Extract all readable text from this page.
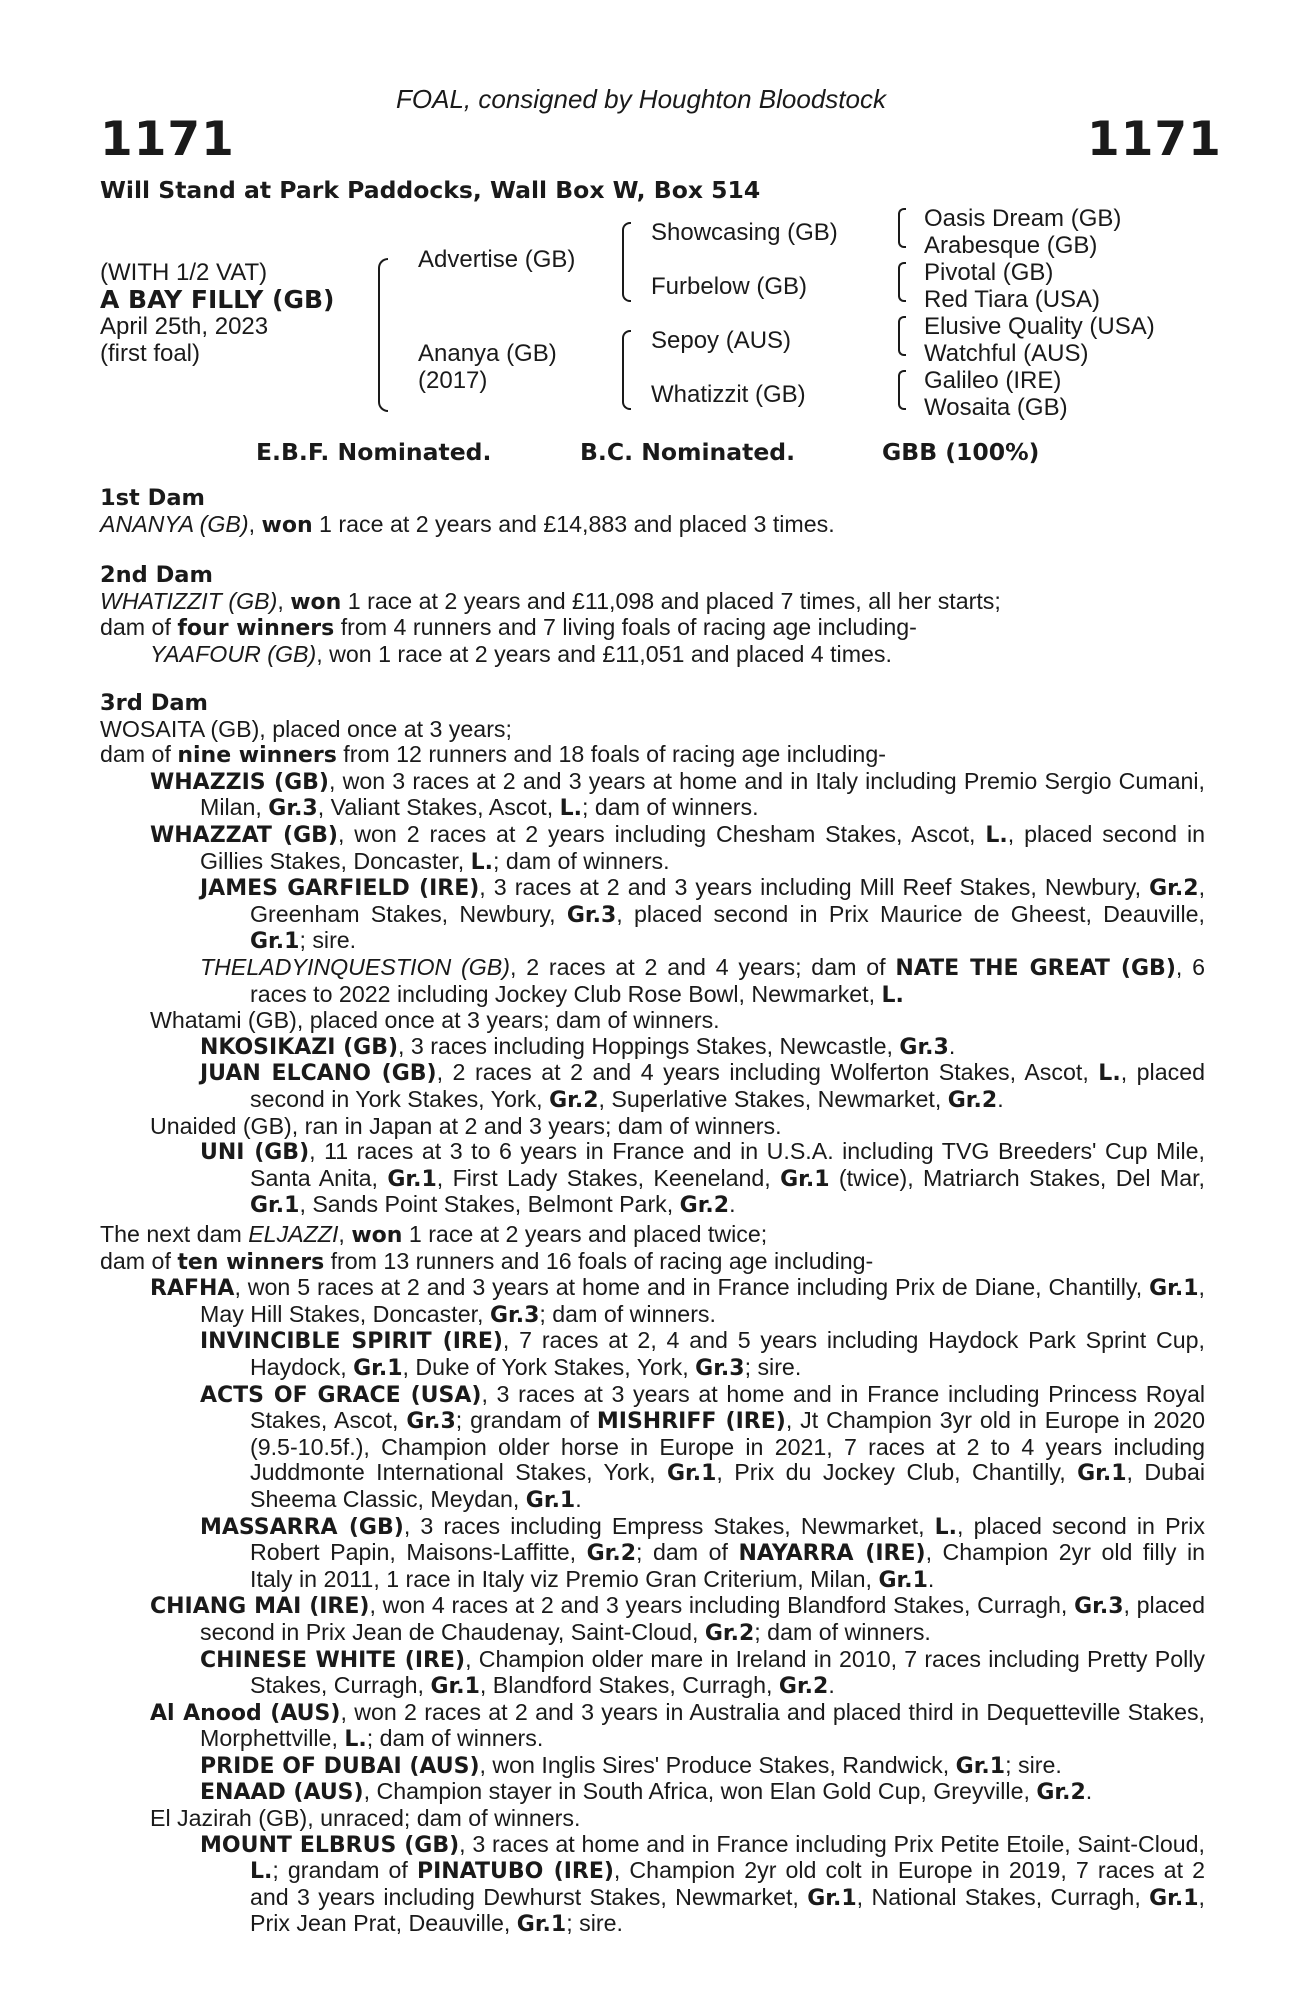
FOAL, consigned by Houghton Bloodstock
1171	1171
Will Stand at Park Paddocks, Wall Box W, Box 514
(WITH 1/2 VAT)
A BAY FILLY (GB)
April 25th, 2023
(first foal)
Advertise (GB)
Ananya (GB)
(2017)
Showcasing (GB)
Furbelow (GB)
Sepoy (AUS)
Whatizzit (GB)
Oasis Dream (GB)
Arabesque (GB)
Pivotal (GB)
Red Tiara (USA)
Elusive Quality (USA)
Watchful (AUS)
Galileo (IRE)
Wosaita (GB)
E.B.F. Nominated.	B.C. Nominated.	GBB (100%)
1st Dam
ANANYA (GB), won 1 race at 2 years and £14,883 and placed 3 times.
2nd Dam
WHATIZZIT (GB), won 1 race at 2 years and £11,098 and placed 7 times, all her starts;
dam of four winners from 4 runners and 7 living foals of racing age including-
YAAFOUR (GB), won 1 race at 2 years and £11,051 and placed 4 times.
3rd Dam
WOSAITA (GB), placed once at 3 years;
dam of nine winners from 12 runners and 18 foals of racing age including-
WHAZZIS (GB), won 3 races at 2 and 3 years at home and in Italy including Premio Sergio Cumani, Milan, Gr.3, Valiant Stakes, Ascot, L.; dam of winners.
WHAZZAT (GB), won 2 races at 2 years including Chesham Stakes, Ascot, L., placed second in Gillies Stakes, Doncaster, L.; dam of winners.
JAMES GARFIELD (IRE), 3 races at 2 and 3 years including Mill Reef Stakes, Newbury, Gr.2, Greenham Stakes, Newbury, Gr.3, placed second in Prix Maurice de Gheest, Deauville, Gr.1; sire.
THELADYINQUESTION (GB), 2 races at 2 and 4 years; dam of NATE THE GREAT (GB), 6 races to 2022 including Jockey Club Rose Bowl, Newmarket, L.
Whatami (GB), placed once at 3 years; dam of winners.
NKOSIKAZI (GB), 3 races including Hoppings Stakes, Newcastle, Gr.3.
JUAN ELCANO (GB), 2 races at 2 and 4 years including Wolferton Stakes, Ascot, L., placed second in York Stakes, York, Gr.2, Superlative Stakes, Newmarket, Gr.2.
Unaided (GB), ran in Japan at 2 and 3 years; dam of winners.
UNI (GB), 11 races at 3 to 6 years in France and in U.S.A. including TVG Breeders' Cup Mile, Santa Anita, Gr.1, First Lady Stakes, Keeneland, Gr.1 (twice), Matriarch Stakes, Del Mar, Gr.1, Sands Point Stakes, Belmont Park, Gr.2.
The next dam ELJAZZI, won 1 race at 2 years and placed twice;
dam of ten winners from 13 runners and 16 foals of racing age including-
RAFHA, won 5 races at 2 and 3 years at home and in France including Prix de Diane, Chantilly, Gr.1, May Hill Stakes, Doncaster, Gr.3; dam of winners.
INVINCIBLE SPIRIT (IRE), 7 races at 2, 4 and 5 years including Haydock Park Sprint Cup, Haydock, Gr.1, Duke of York Stakes, York, Gr.3; sire.
ACTS OF GRACE (USA), 3 races at 3 years at home and in France including Princess Royal Stakes, Ascot, Gr.3; grandam of MISHRIFF (IRE), Jt Champion 3yr old in Europe in 2020 (9.5-10.5f.), Champion older horse in Europe in 2021, 7 races at 2 to 4 years including Juddmonte International Stakes, York, Gr.1, Prix du Jockey Club, Chantilly, Gr.1, Dubai Sheema Classic, Meydan, Gr.1.
MASSARRA (GB), 3 races including Empress Stakes, Newmarket, L., placed second in Prix Robert Papin, Maisons-Laffitte, Gr.2; dam of NAYARRA (IRE), Champion 2yr old filly in Italy in 2011, 1 race in Italy viz Premio Gran Criterium, Milan, Gr.1.
CHIANG MAI (IRE), won 4 races at 2 and 3 years including Blandford Stakes, Curragh, Gr.3, placed second in Prix Jean de Chaudenay, Saint-Cloud, Gr.2; dam of winners.
CHINESE WHITE (IRE), Champion older mare in Ireland in 2010, 7 races including Pretty Polly Stakes, Curragh, Gr.1, Blandford Stakes, Curragh, Gr.2.
Al Anood (AUS), won 2 races at 2 and 3 years in Australia and placed third in Dequetteville Stakes, Morphettville, L.; dam of winners.
PRIDE OF DUBAI (AUS), won Inglis Sires' Produce Stakes, Randwick, Gr.1; sire.
ENAAD (AUS), Champion stayer in South Africa, won Elan Gold Cup, Greyville, Gr.2.
El Jazirah (GB), unraced; dam of winners.
MOUNT ELBRUS (GB), 3 races at home and in France including Prix Petite Etoile, Saint-Cloud, L.; grandam of PINATUBO (IRE), Champion 2yr old colt in Europe in 2019, 7 races at 2 and 3 years including Dewhurst Stakes, Newmarket, Gr.1, National Stakes, Curragh, Gr.1, Prix Jean Prat, Deauville, Gr.1; sire.
